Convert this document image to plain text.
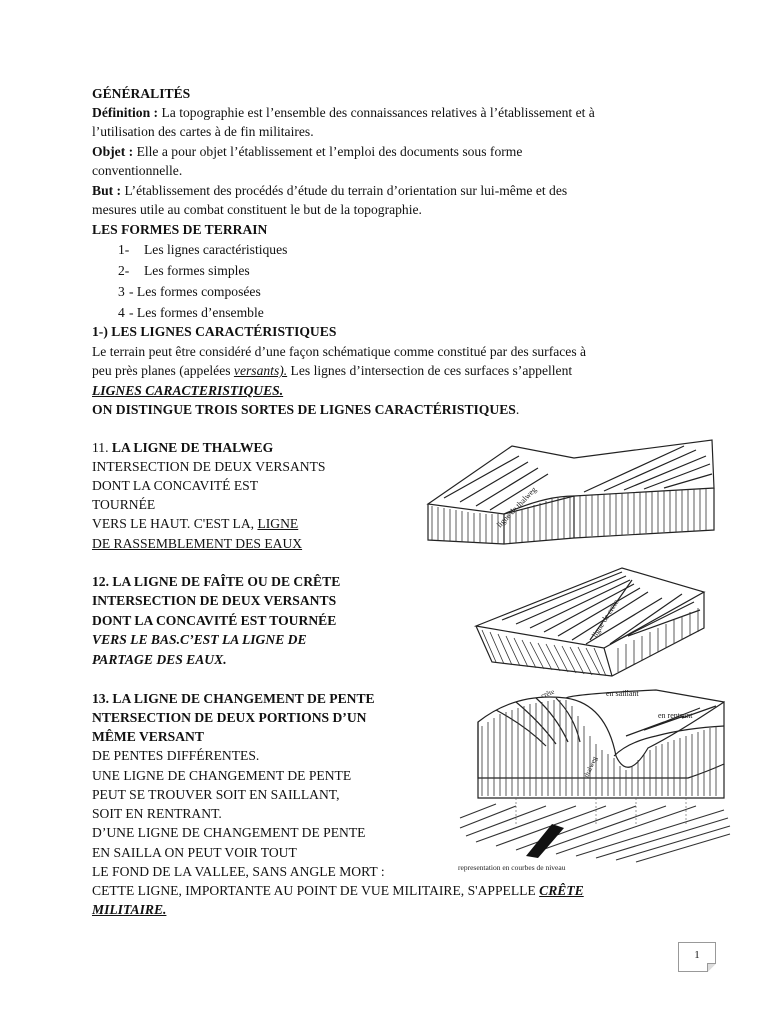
GÉNÉRALITÉS

Définition : La topographie est l’ensemble des connaissances relatives à l’établissement et à

l’utilisation des cartes à de fin militaires.

Objet : Elle a pour objet l’établissement et l’emploi des documents sous forme

conventionnelle.

But : L’établissement des procédés d’étude du terrain d’orientation sur lui-même et des

mesures utile au combat constituent le but de la topographie.

LES FORMES DE TERRAIN

1- Les lignes caractéristiques

2- Les formes simples

3 - Les formes composées

4 - Les formes d’ensemble

1-) LES LIGNES CARACTÉRISTIQUES

Le terrain peut être considéré d’une façon schématique comme constitué par des surfaces à

peu près planes (appelées versants). Les lignes d’intersection de ces surfaces s’appellent

LIGNES CARACTERISTIQUES.

ON DISTINGUE TROIS SORTES DE LIGNES CARACTÉRISTIQUES.

11. LA LIGNE DE THALWEG

INTERSECTION DE DEUX VERSANTS

DONT LA CONCAVITÉ EST

TOURNÉE

VERS LE HAUT. C'EST LA, LIGNE

DE RASSEMBLEMENT DES EAUX

ligne de thalweg

12. LA LIGNE DE FAÎTE OU DE CRÊTE

INTERSECTION DE DEUX VERSANTS

DONT LA CONCAVITÉ EST TOURNÉE

VERS LE BAS.C’EST LA LIGNE DE

PARTAGE DES EAUX.

ligne de crête

13. LA LIGNE DE CHANGEMENT DE PENTE

NTERSECTION DE DEUX PORTIONS D’UN

MÊME VERSANT

DE PENTES DIFFÉRENTES.

UNE LIGNE DE CHANGEMENT DE PENTE

PEUT SE TROUVER SOIT EN SAILLANT,

SOIT EN RENTRANT.

D’UNE LIGNE DE CHANGEMENT DE PENTE

EN SAILLA ON PEUT VOIR TOUT

LE FOND DE LA VALLEE, SANS ANGLE MORT :

CETTE LIGNE, IMPORTANTE AU POINT DE VUE MILITAIRE, S'APPELLE CRÊTE

MILITAIRE.

en saillant
en rentrant
crête
thalweg
representation en courbes de niveau
1
